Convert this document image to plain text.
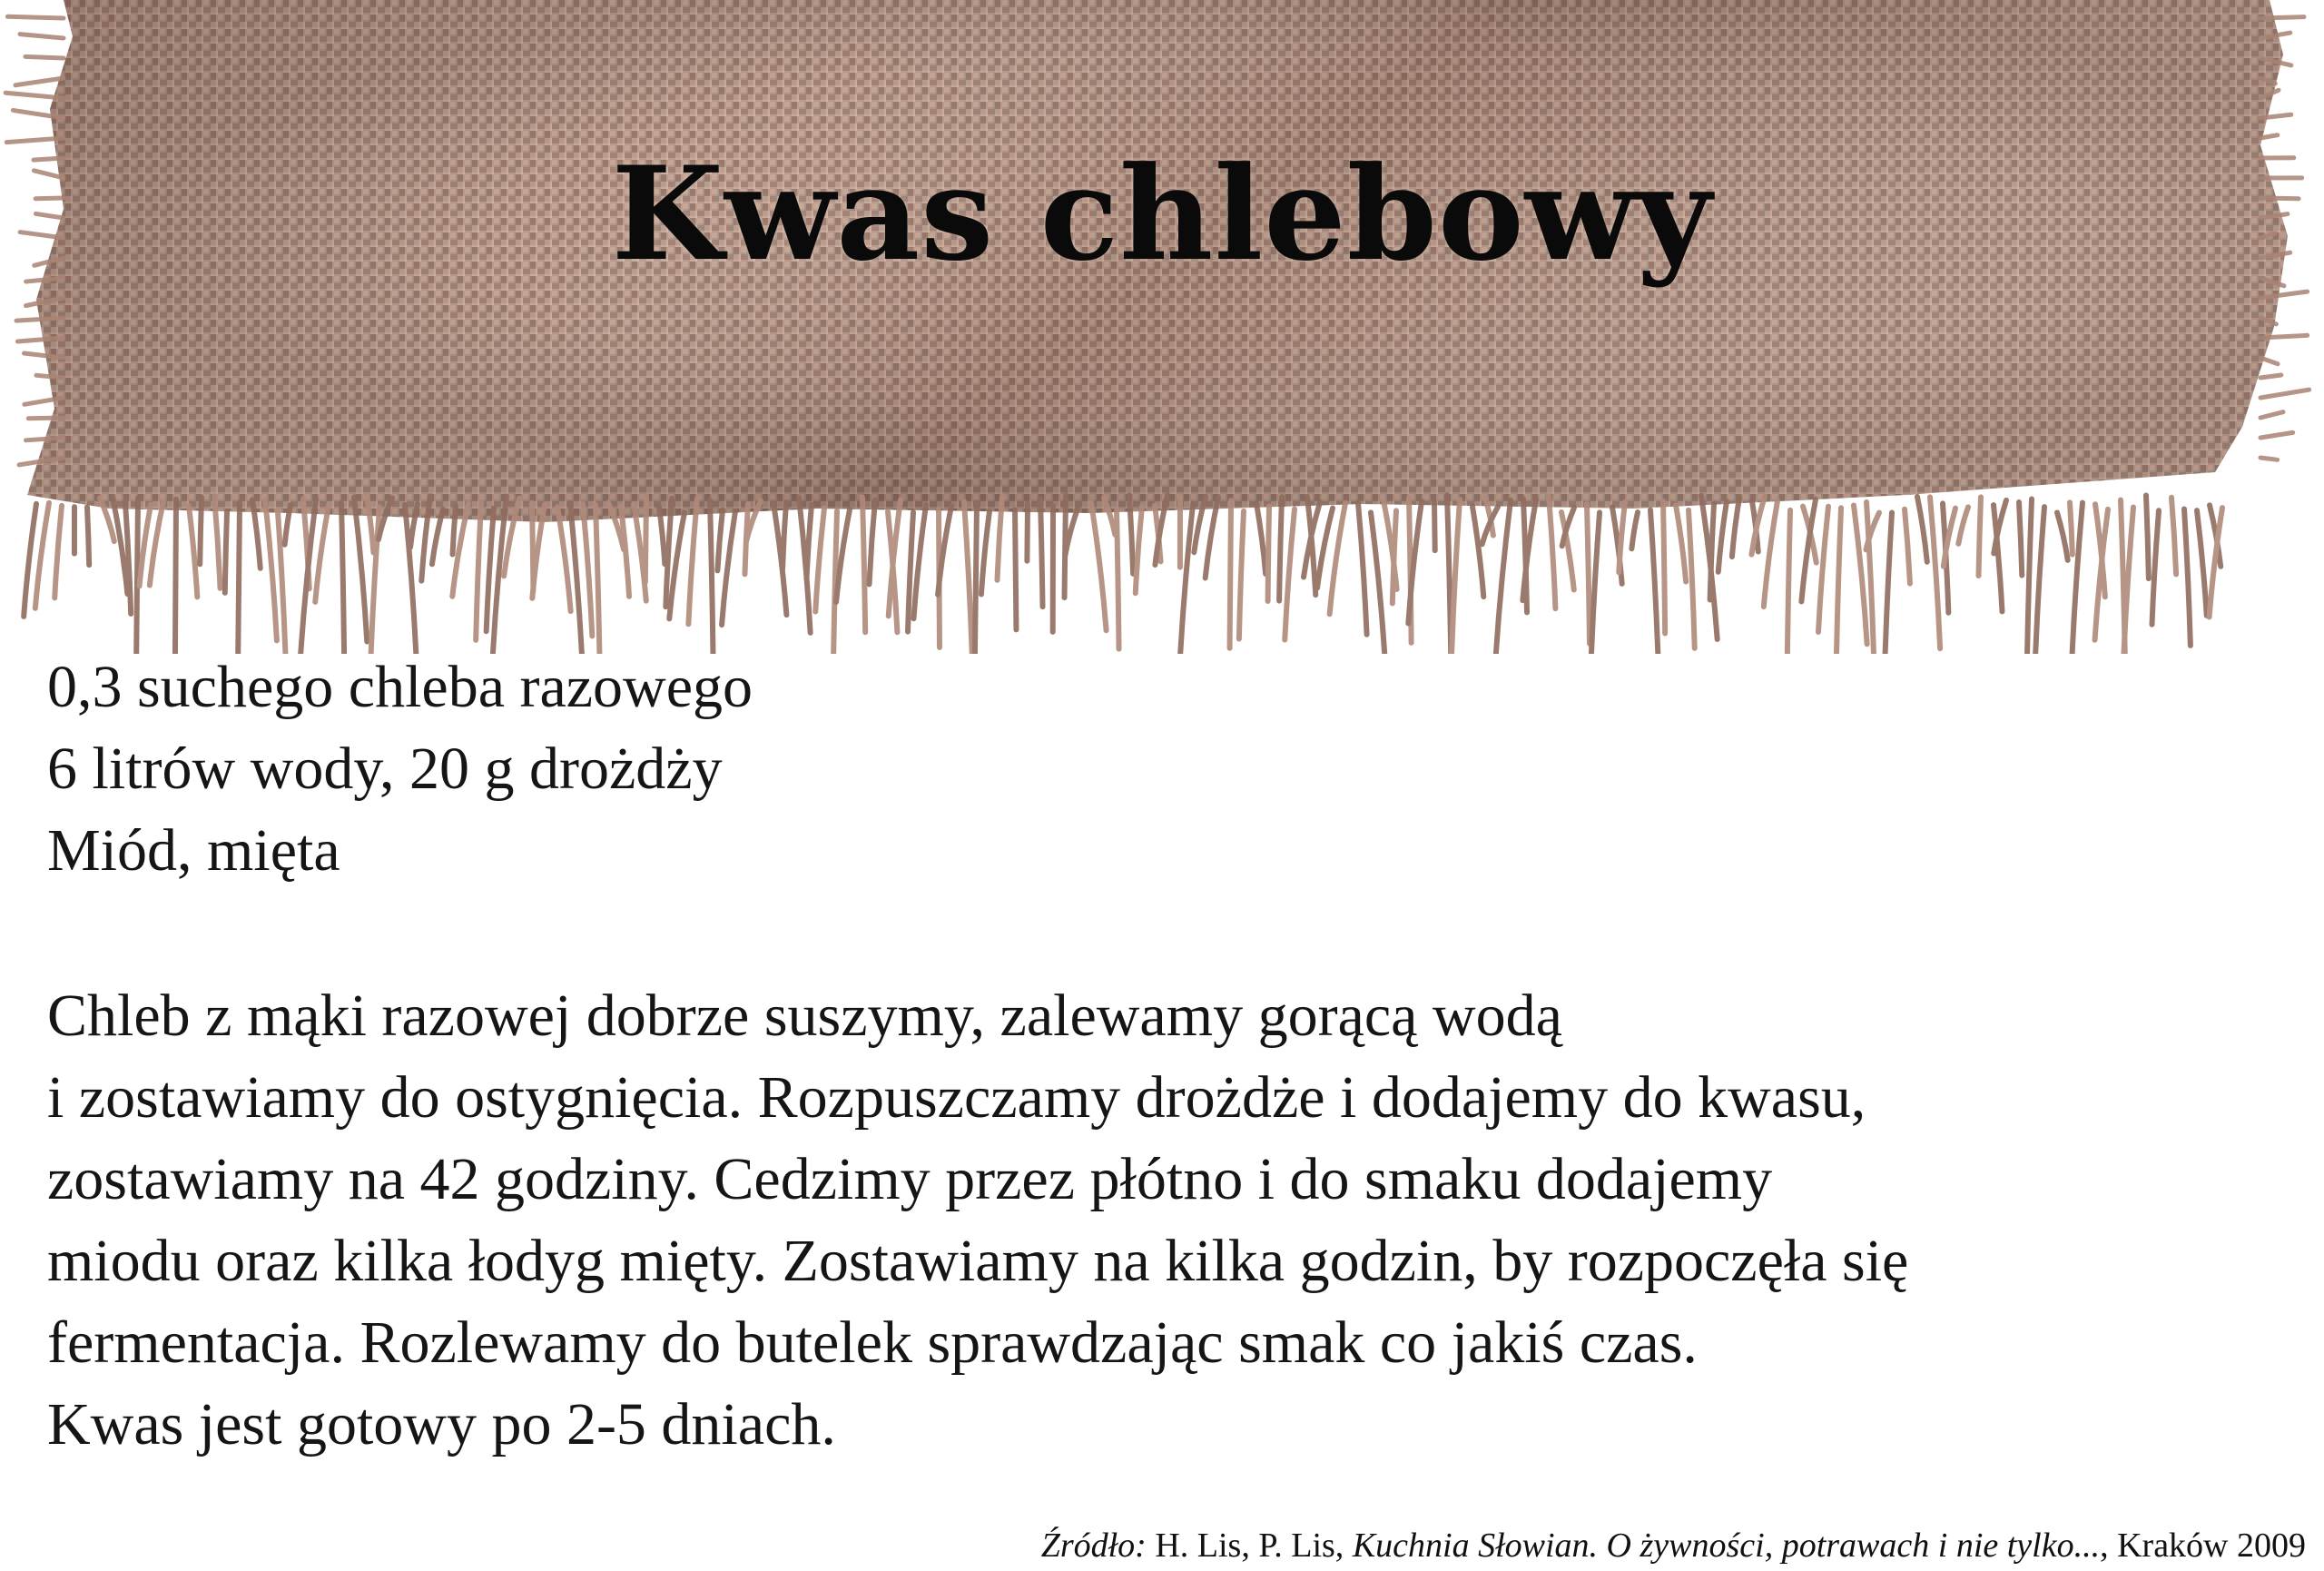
Kwas chlebowy
0,3 suchego chleba razowego
6 litrów wody, 20 g drożdży
Miód, mięta
Chleb z mąki razowej dobrze suszymy, zalewamy gorącą wodą
i zostawiamy do ostygnięcia. Rozpuszczamy drożdże i dodajemy do kwasu,
zostawiamy na 42 godziny. Cedzimy przez płótno i do smaku dodajemy
miodu oraz kilka łodyg mięty. Zostawiamy na kilka godzin, by rozpoczęła się
fermentacja. Rozlewamy do butelek sprawdzając smak co jakiś czas.
Kwas jest gotowy po 2-5 dniach.
Źródło: H. Lis, P. Lis, Kuchnia Słowian. O żywności, potrawach i nie tylko..., Kraków 2009
